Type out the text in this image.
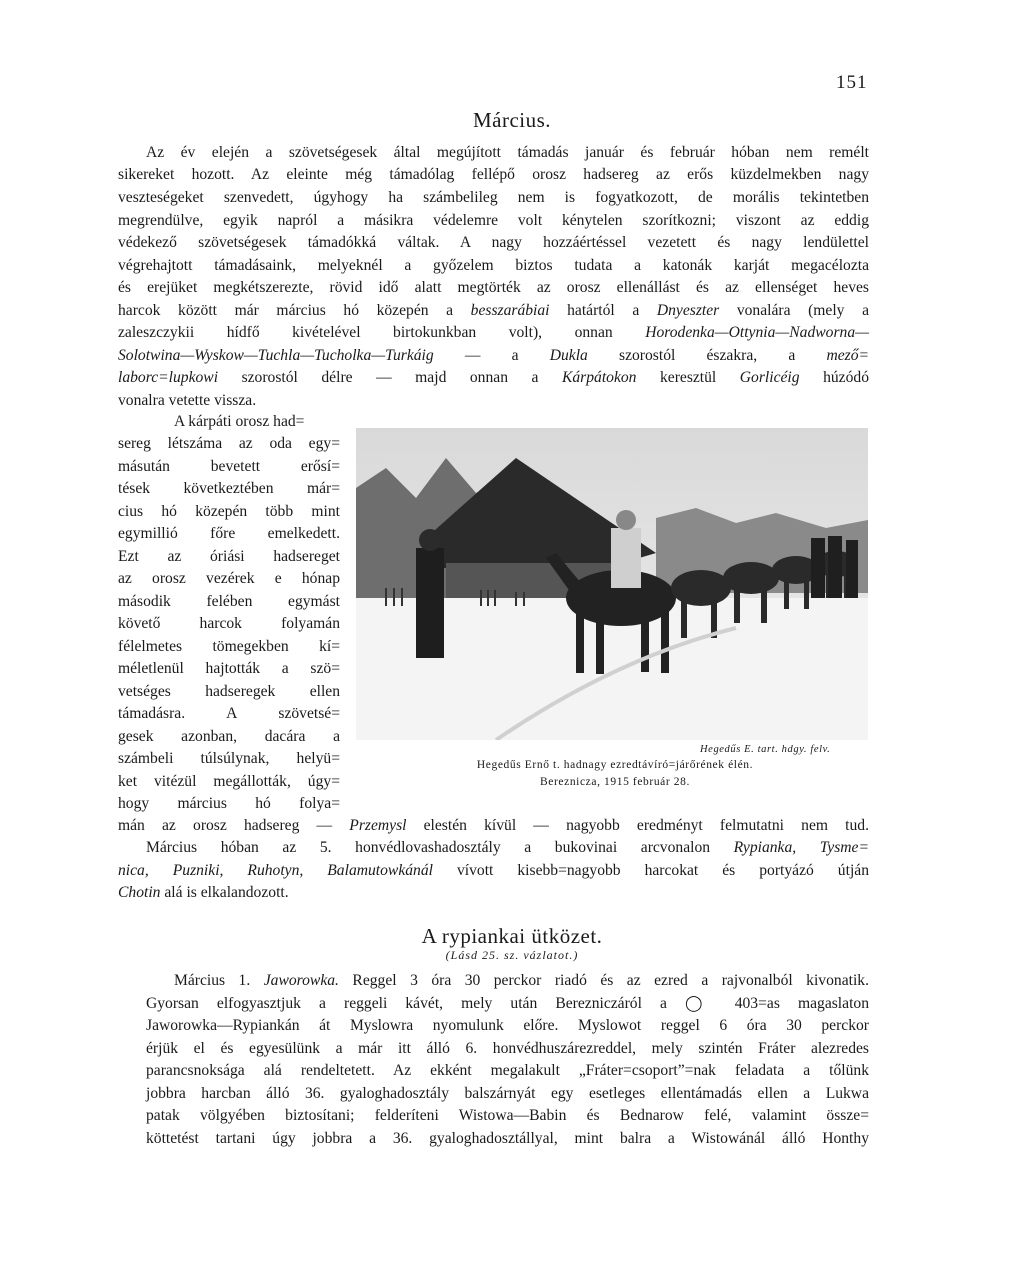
151
Március.
Az év elején a szövetségesek által megújított támadás január és február hóban nem remélt
sikereket hozott. Az eleinte még támadólag fellépő orosz hadsereg az erős küzdelmekben nagy
veszteségeket szenvedett, úgyhogy ha számbelileg nem is fogyatkozott, de morális tekintetben
megrendülve, egyik napról a másikra védelemre volt kénytelen szorítkozni; viszont az eddig
védekező szövetségesek támadókká váltak. A nagy hozzáértéssel vezetett és nagy lendülettel
végrehajtott támadásaink, melyeknél a győzelem biztos tudata a katonák karját megacélozta
és erejüket megkétszerezte, rövid idő alatt megtörték az orosz ellenállást és az ellenséget heves
harcok között már március hó közepén a besszarábiai határtól a Dnyeszter vonalára (mely a
zaleszczykii hídfő kivételével birtokunkban volt), onnan Horodenka—Ottynia—Nadworna—
Solotwina—Wyskow—Tuchla—Tucholka—Turkáig — a Dukla szorostól északra, a mező=
laborc=lupkowi szorostól délre — majd onnan a Kárpátokon keresztül Gorlicéig húzódó
vonalra vetette vissza.
A kárpáti orosz had=
sereg létszáma az oda egy=
másután bevetett erősí=
tések következtében már=
cius hó közepén több mint
egymillió főre emelkedett.
Ezt az óriási hadsereget
az orosz vezérek e hónap
második felében egymást
követő harcok folyamán
félelmetes tömegekben kí=
méletlenül hajtották a szö=
vetséges hadseregek ellen
támadásra. A szövetsé=
gesek azonban, dacára a
számbeli túlsúlynak, helyü=
ket vitézül megállották, úgy=
hogy március hó folya=
mán az orosz hadsereg — Przemysl elestén kívül — nagyobb eredményt felmutatni nem tud.
Március hóban az 5. honvédlovashadosztály a bukovinai arcvonalon Rypianka, Tysme=
nica, Puzniki, Ruhotyn, Balamutowkánál vívott kisebb=nagyobb harcokat és portyázó útján
Chotin alá is elkalandozott.
Hegedűs E. tart. hdgy. felv.
Hegedűs Ernő t. hadnagy ezredtávíró=járőrének élén.
Bereznicza, 1915 február 28.
A rypiankai ütközet.
(Lásd 25. sz. vázlatot.)
Március 1. Jaworowka. Reggel 3 óra 30 perckor riadó és az ezred a rajvonalból kivonatik.
Gyorsan elfogyasztjuk a reggeli kávét, mely után Berezniczáról a ◯ 403=as magaslaton
Jaworowka—Rypiankán át Myslowra nyomulunk előre. Myslowot reggel 6 óra 30 perckor
érjük el és egyesülünk a már itt álló 6. honvédhuszárezreddel, mely szintén Fráter alezredes
parancsnoksága alá rendeltetett. Az ekként megalakult „Fráter=csoport”=nak feladata a tőlünk
jobbra harcban álló 36. gyaloghadosztály balszárnyát egy esetleges ellentámadás ellen a Lukwa
patak völgyében biztosítani; felderíteni Wistowa—Babin és Bednarow felé, valamint össze=
köttetést tartani úgy jobbra a 36. gyaloghadosztállyal, mint balra a Wistowánál álló Honthy
